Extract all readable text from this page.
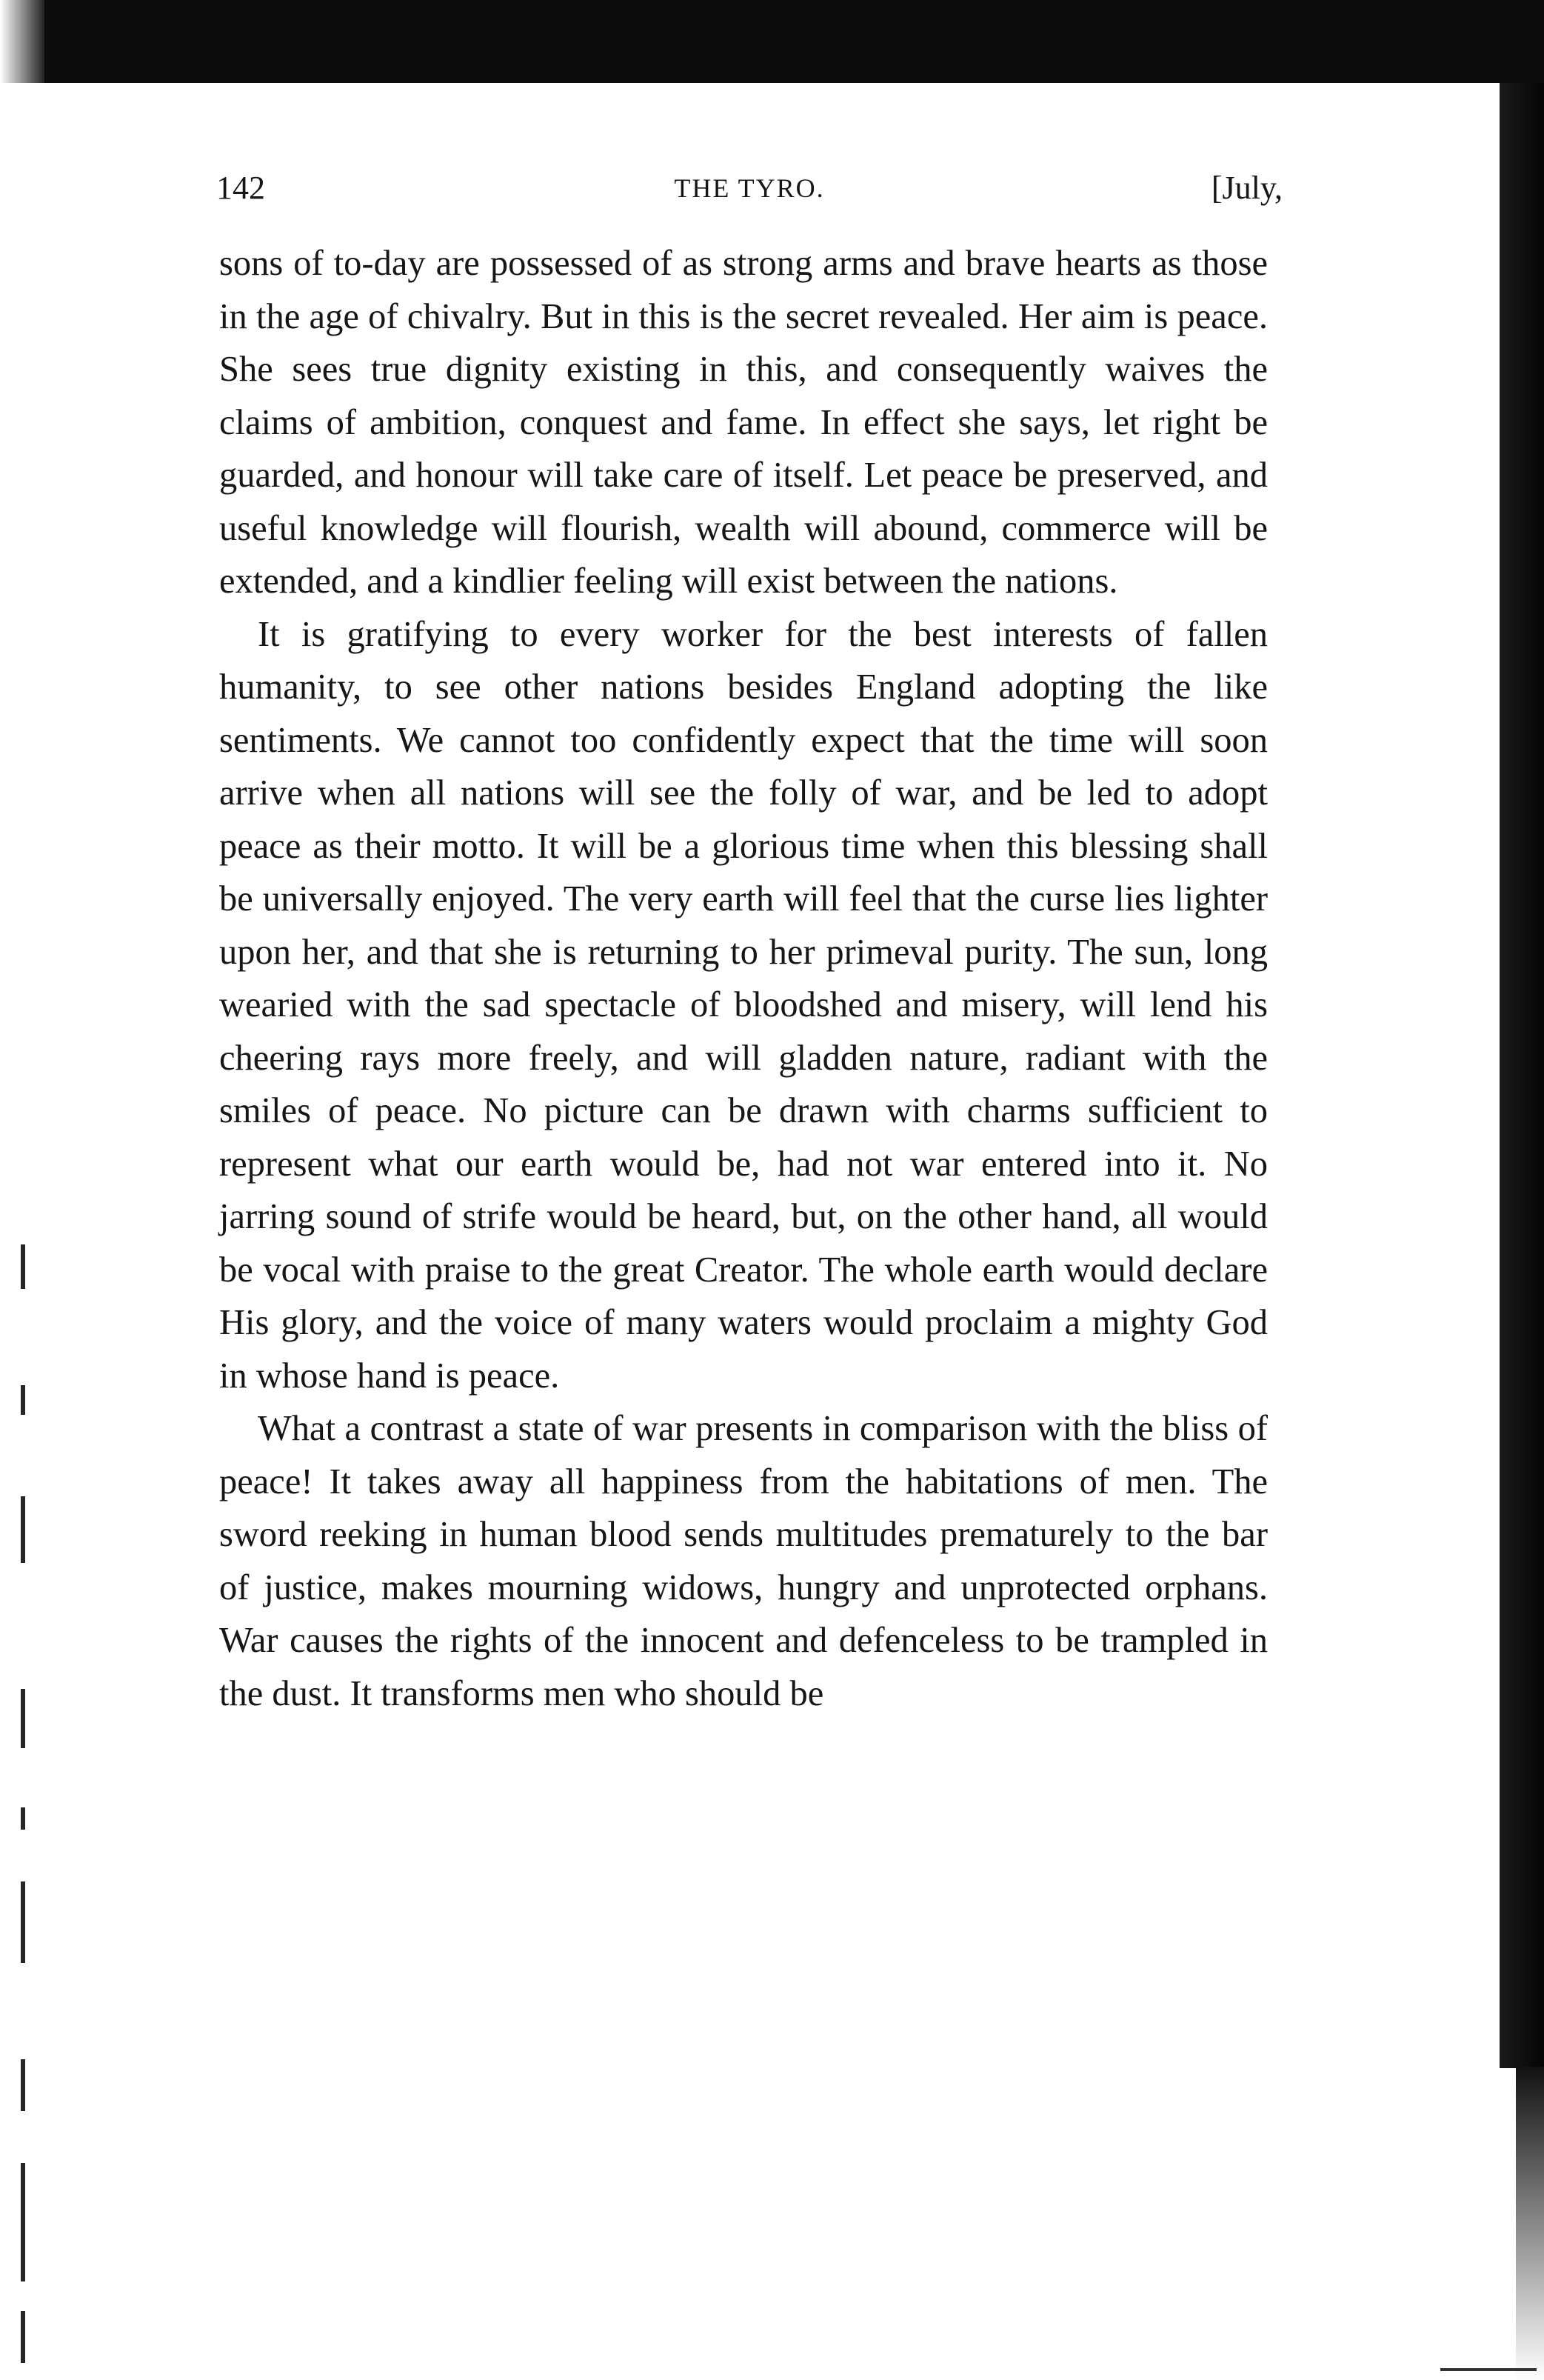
142	THE TYRO.	[July,

sons of to-day are possessed of as strong arms and brave hearts as those in the age of chivalry. But in this is the secret revealed. Her aim is peace. She sees true dignity existing in this, and consequently waives the claims of ambition, conquest and fame. In effect she says, let right be guarded, and honour will take care of itself. Let peace be preserved, and useful knowledge will flourish, wealth will abound, commerce will be extended, and a kindlier feeling will exist between the nations.

It is gratifying to every worker for the best interests of fallen humanity, to see other nations besides England adopting the like sentiments. We cannot too confidently expect that the time will soon arrive when all nations will see the folly of war, and be led to adopt peace as their motto. It will be a glorious time when this blessing shall be universally enjoyed. The very earth will feel that the curse lies lighter upon her, and that she is returning to her primeval purity. The sun, long wearied with the sad spectacle of bloodshed and misery, will lend his cheering rays more freely, and will gladden nature, radiant with the smiles of peace. No picture can be drawn with charms sufficient to represent what our earth would be, had not war entered into it. No jarring sound of strife would be heard, but, on the other hand, all would be vocal with praise to the great Creator. The whole earth would declare His glory, and the voice of many waters would proclaim a mighty God in whose hand is peace.

What a contrast a state of war presents in comparison with the bliss of peace! It takes away all happiness from the habitations of men. The sword reeking in human blood sends multitudes prematurely to the bar of justice, makes mourning widows, hungry and unprotected orphans. War causes the rights of the innocent and defenceless to be trampled in the dust. It transforms men who should be
